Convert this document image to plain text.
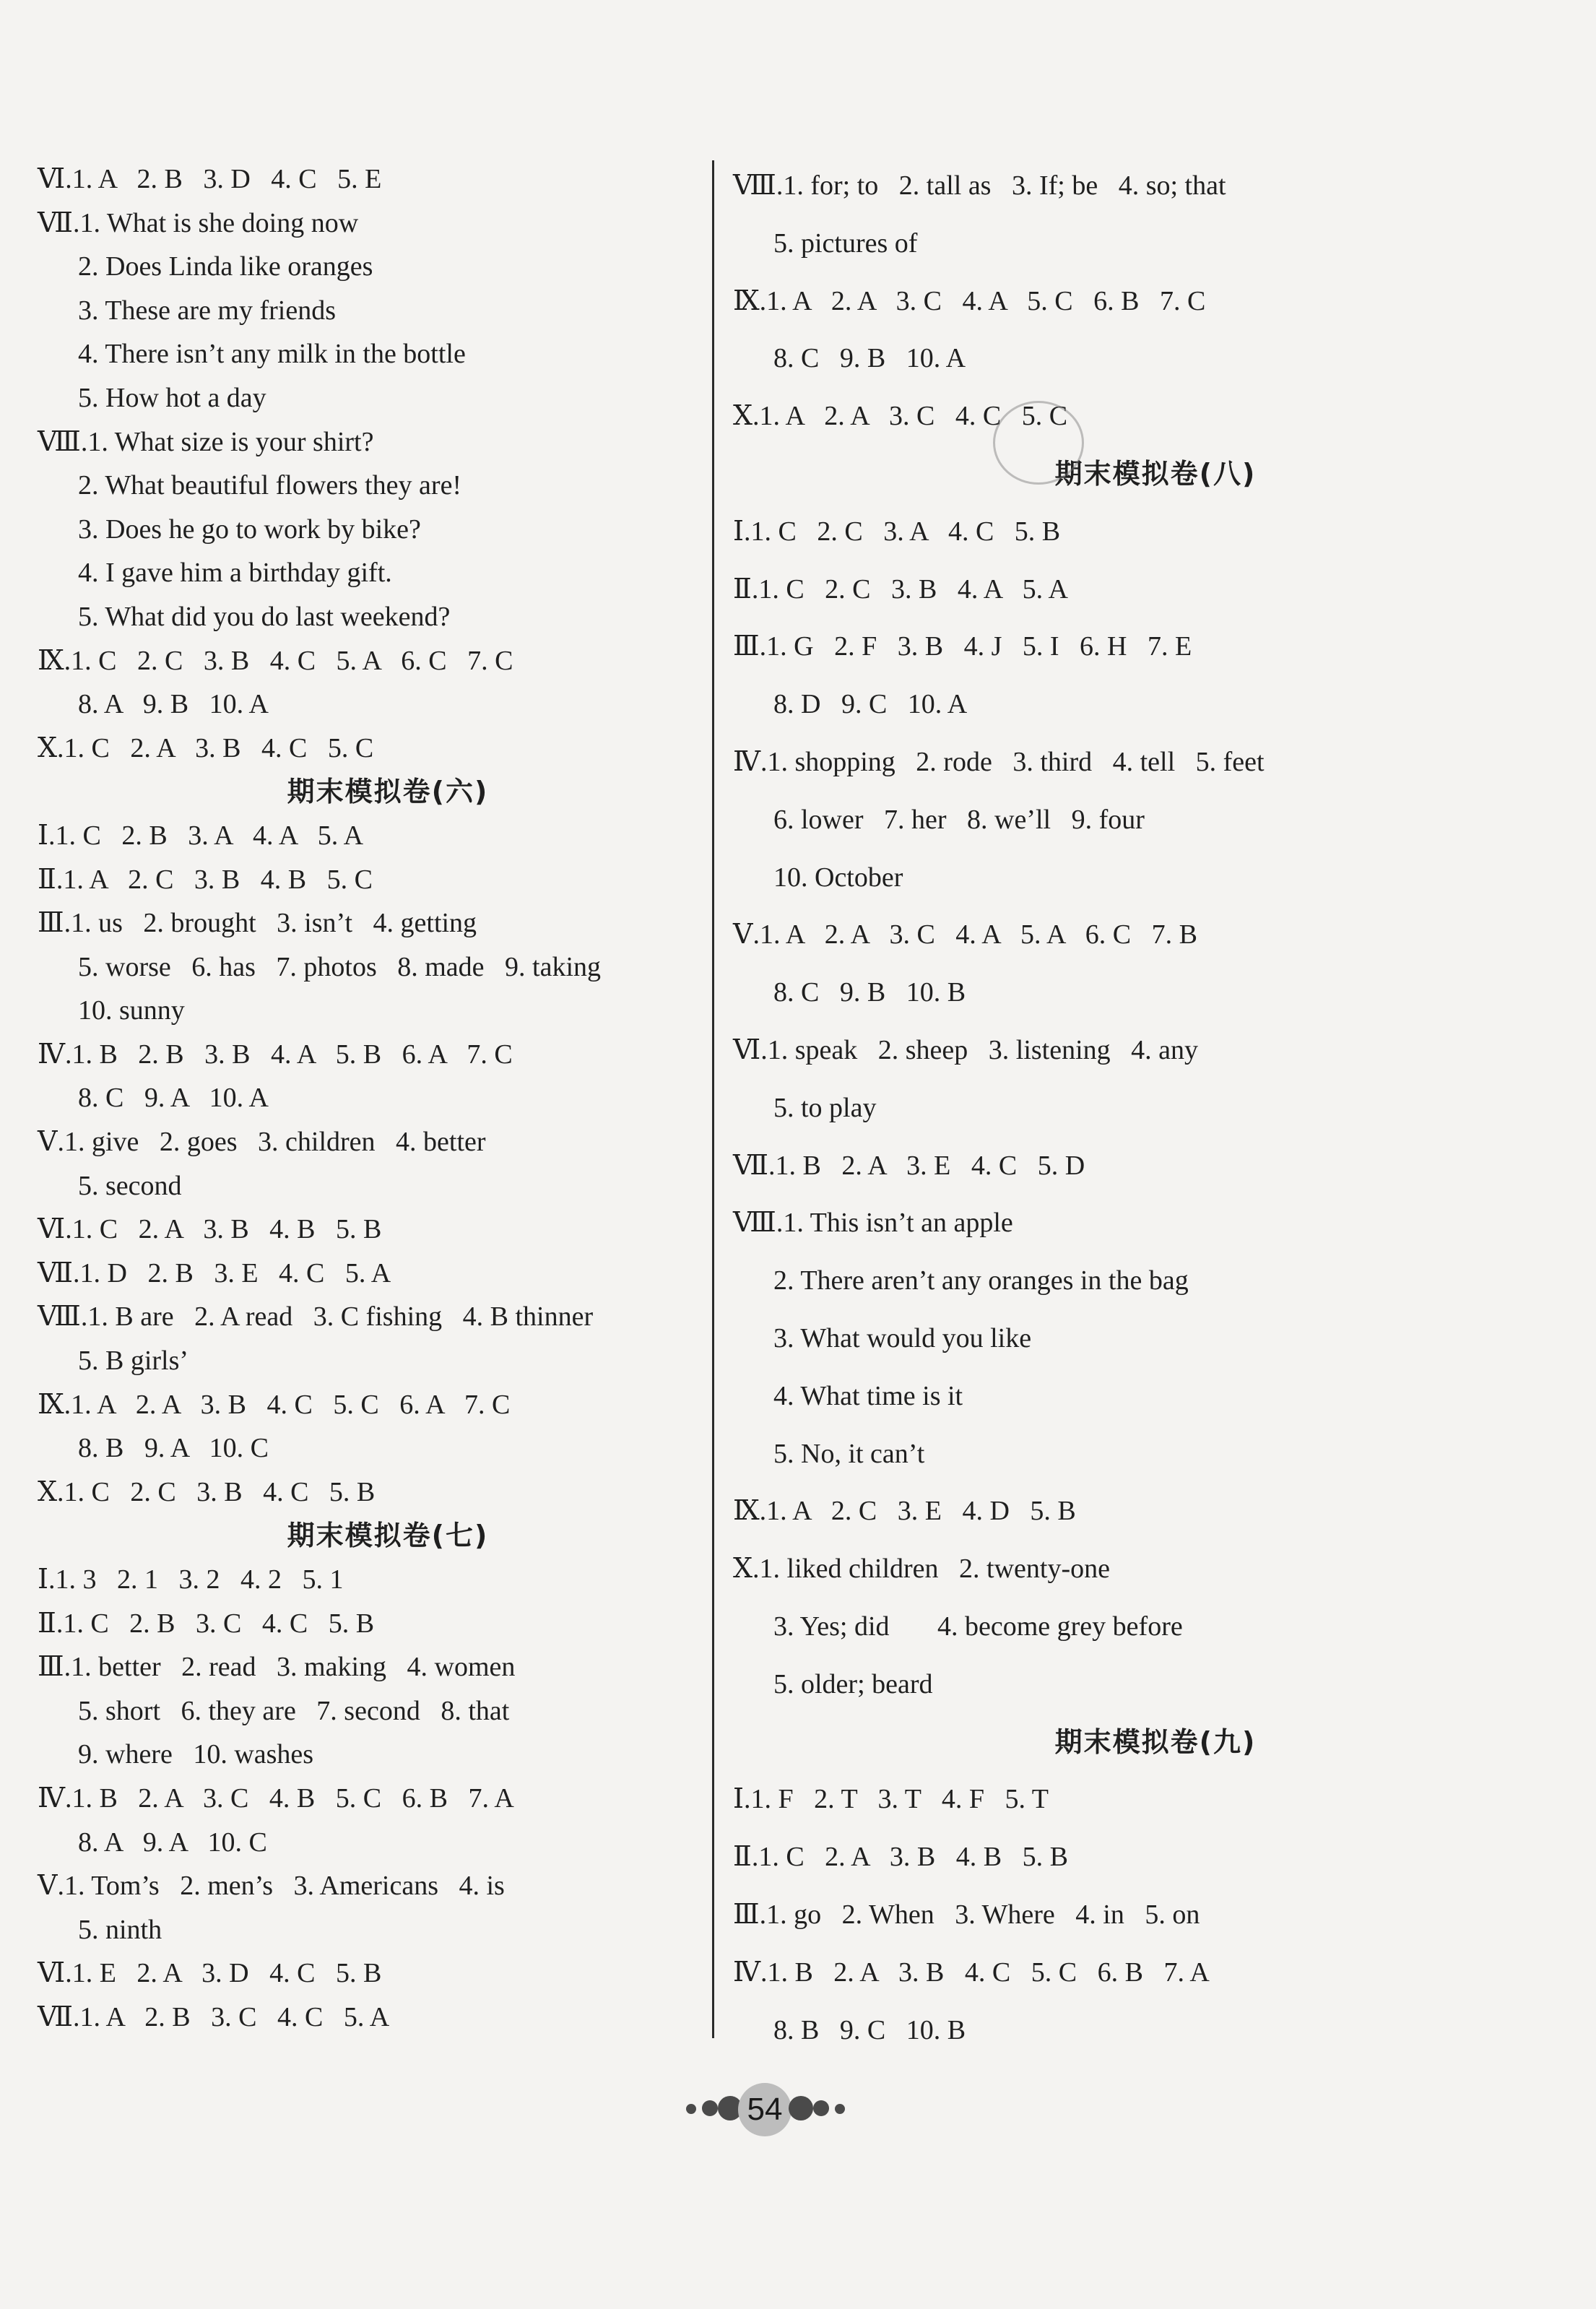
Ⅵ.1. A   2. B   3. D   4. C   5. E
Ⅶ.1. What is she doing now
2. Does Linda like oranges
3. These are my friends
4. There isn’t any milk in the bottle
5. How hot a day
Ⅷ.1. What size is your shirt?
2. What beautiful flowers they are!
3. Does he go to work by bike?
4. I gave him a birthday gift.
5. What did you do last weekend?
Ⅸ.1. C   2. C   3. B   4. C   5. A   6. C   7. C
8. A   9. B   10. A
Ⅹ.1. C   2. A   3. B   4. C   5. C
期末模拟卷(六)
Ⅰ.1. C   2. B   3. A   4. A   5. A
Ⅱ.1. A   2. C   3. B   4. B   5. C
Ⅲ.1. us   2. brought   3. isn’t   4. getting
5. worse   6. has   7. photos   8. made   9. taking
10. sunny
Ⅳ.1. B   2. B   3. B   4. A   5. B   6. A   7. C
8. C   9. A   10. A
Ⅴ.1. give   2. goes   3. children   4. better
5. second
Ⅵ.1. C   2. A   3. B   4. B   5. B
Ⅶ.1. D   2. B   3. E   4. C   5. A
Ⅷ.1. B are   2. A read   3. C fishing   4. B thinner
5. B girls’
Ⅸ.1. A   2. A   3. B   4. C   5. C   6. A   7. C
8. B   9. A   10. C
Ⅹ.1. C   2. C   3. B   4. C   5. B
期末模拟卷(七)
Ⅰ.1. 3   2. 1   3. 2   4. 2   5. 1
Ⅱ.1. C   2. B   3. C   4. C   5. B
Ⅲ.1. better   2. read   3. making   4. women
5. short   6. they are   7. second   8. that
9. where   10. washes
Ⅳ.1. B   2. A   3. C   4. B   5. C   6. B   7. A
8. A   9. A   10. C
Ⅴ.1. Tom’s   2. men’s   3. Americans   4. is
5. ninth
Ⅵ.1. E   2. A   3. D   4. C   5. B
Ⅶ.1. A   2. B   3. C   4. C   5. A
Ⅷ.1. for; to   2. tall as   3. If; be   4. so; that
5. pictures of
Ⅸ.1. A   2. A   3. C   4. A   5. C   6. B   7. C
8. C   9. B   10. A
Ⅹ.1. A   2. A   3. C   4. C   5. C
期末模拟卷(八)
Ⅰ.1. C   2. C   3. A   4. C   5. B
Ⅱ.1. C   2. C   3. B   4. A   5. A
Ⅲ.1. G   2. F   3. B   4. J   5. I   6. H   7. E
8. D   9. C   10. A
Ⅳ.1. shopping   2. rode   3. third   4. tell   5. feet
6. lower   7. her   8. we’ll   9. four
10. October
Ⅴ.1. A   2. A   3. C   4. A   5. A   6. C   7. B
8. C   9. B   10. B
Ⅵ.1. speak   2. sheep   3. listening   4. any
5. to play
Ⅶ.1. B   2. A   3. E   4. C   5. D
Ⅷ.1. This isn’t an apple
2. There aren’t any oranges in the bag
3. What would you like
4. What time is it
5. No, it can’t
Ⅸ.1. A   2. C   3. E   4. D   5. B
Ⅹ.1. liked children   2. twenty-one
3. Yes; did       4. become grey before
5. older; beard
期末模拟卷(九)
Ⅰ.1. F   2. T   3. T   4. F   5. T
Ⅱ.1. C   2. A   3. B   4. B   5. B
Ⅲ.1. go   2. When   3. Where   4. in   5. on
Ⅳ.1. B   2. A   3. B   4. C   5. C   6. B   7. A
8. B   9. C   10. B
54
